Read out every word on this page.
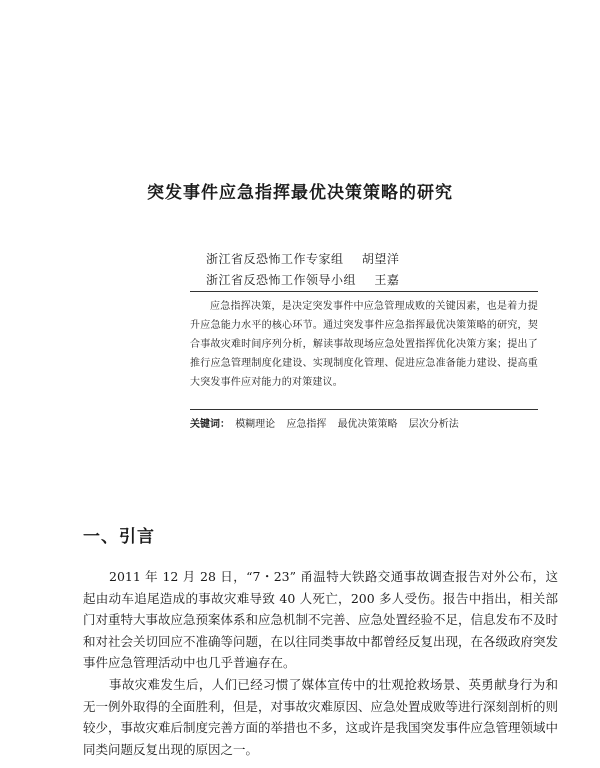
突发事件应急指挥最优决策策略的研究
浙江省反恐怖工作专家组 胡望洋
浙江省反恐怖工作领导小组 王嘉
应急指挥决策，是决定突发事件中应急管理成败的关键因素，也是着力提升应急能力水平的核心环节。通过突发事件应急指挥最优决策策略的研究，契合事故灾难时间序列分析，解读事故现场应急处置指挥优化决策方案；提出了推行应急管理制度化建设、实现制度化管理、促进应急准备能力建设、提高重大突发事件应对能力的对策建议。
关键词： 模糊理论 应急指挥 最优决策策略 层次分析法
一、引言

2011 年 12 月 28 日，“7・23” 甬温特大铁路交通事故调查报告对外公布，这起由动车追尾造成的事故灾难导致 40 人死亡，200 多人受伤。报告中指出，相关部门对重特大事故应急预案体系和应急机制不完善、应急处置经验不足，信息发布不及时和对社会关切回应不准确等问题，在以往同类事故中都曾经反复出现，在各级政府突发事件应急管理活动中也几乎普遍存在。

事故灾难发生后，人们已经习惯了媒体宣传中的壮观抢救场景、英勇献身行为和无一例外取得的全面胜利，但是，对事故灾难原因、应急处置成败等进行深刻剖析的则较少，事故灾难后制度完善方面的举措也不多，这或许是我国突发事件应急管理领域中同类问题反复出现的原因之一。
